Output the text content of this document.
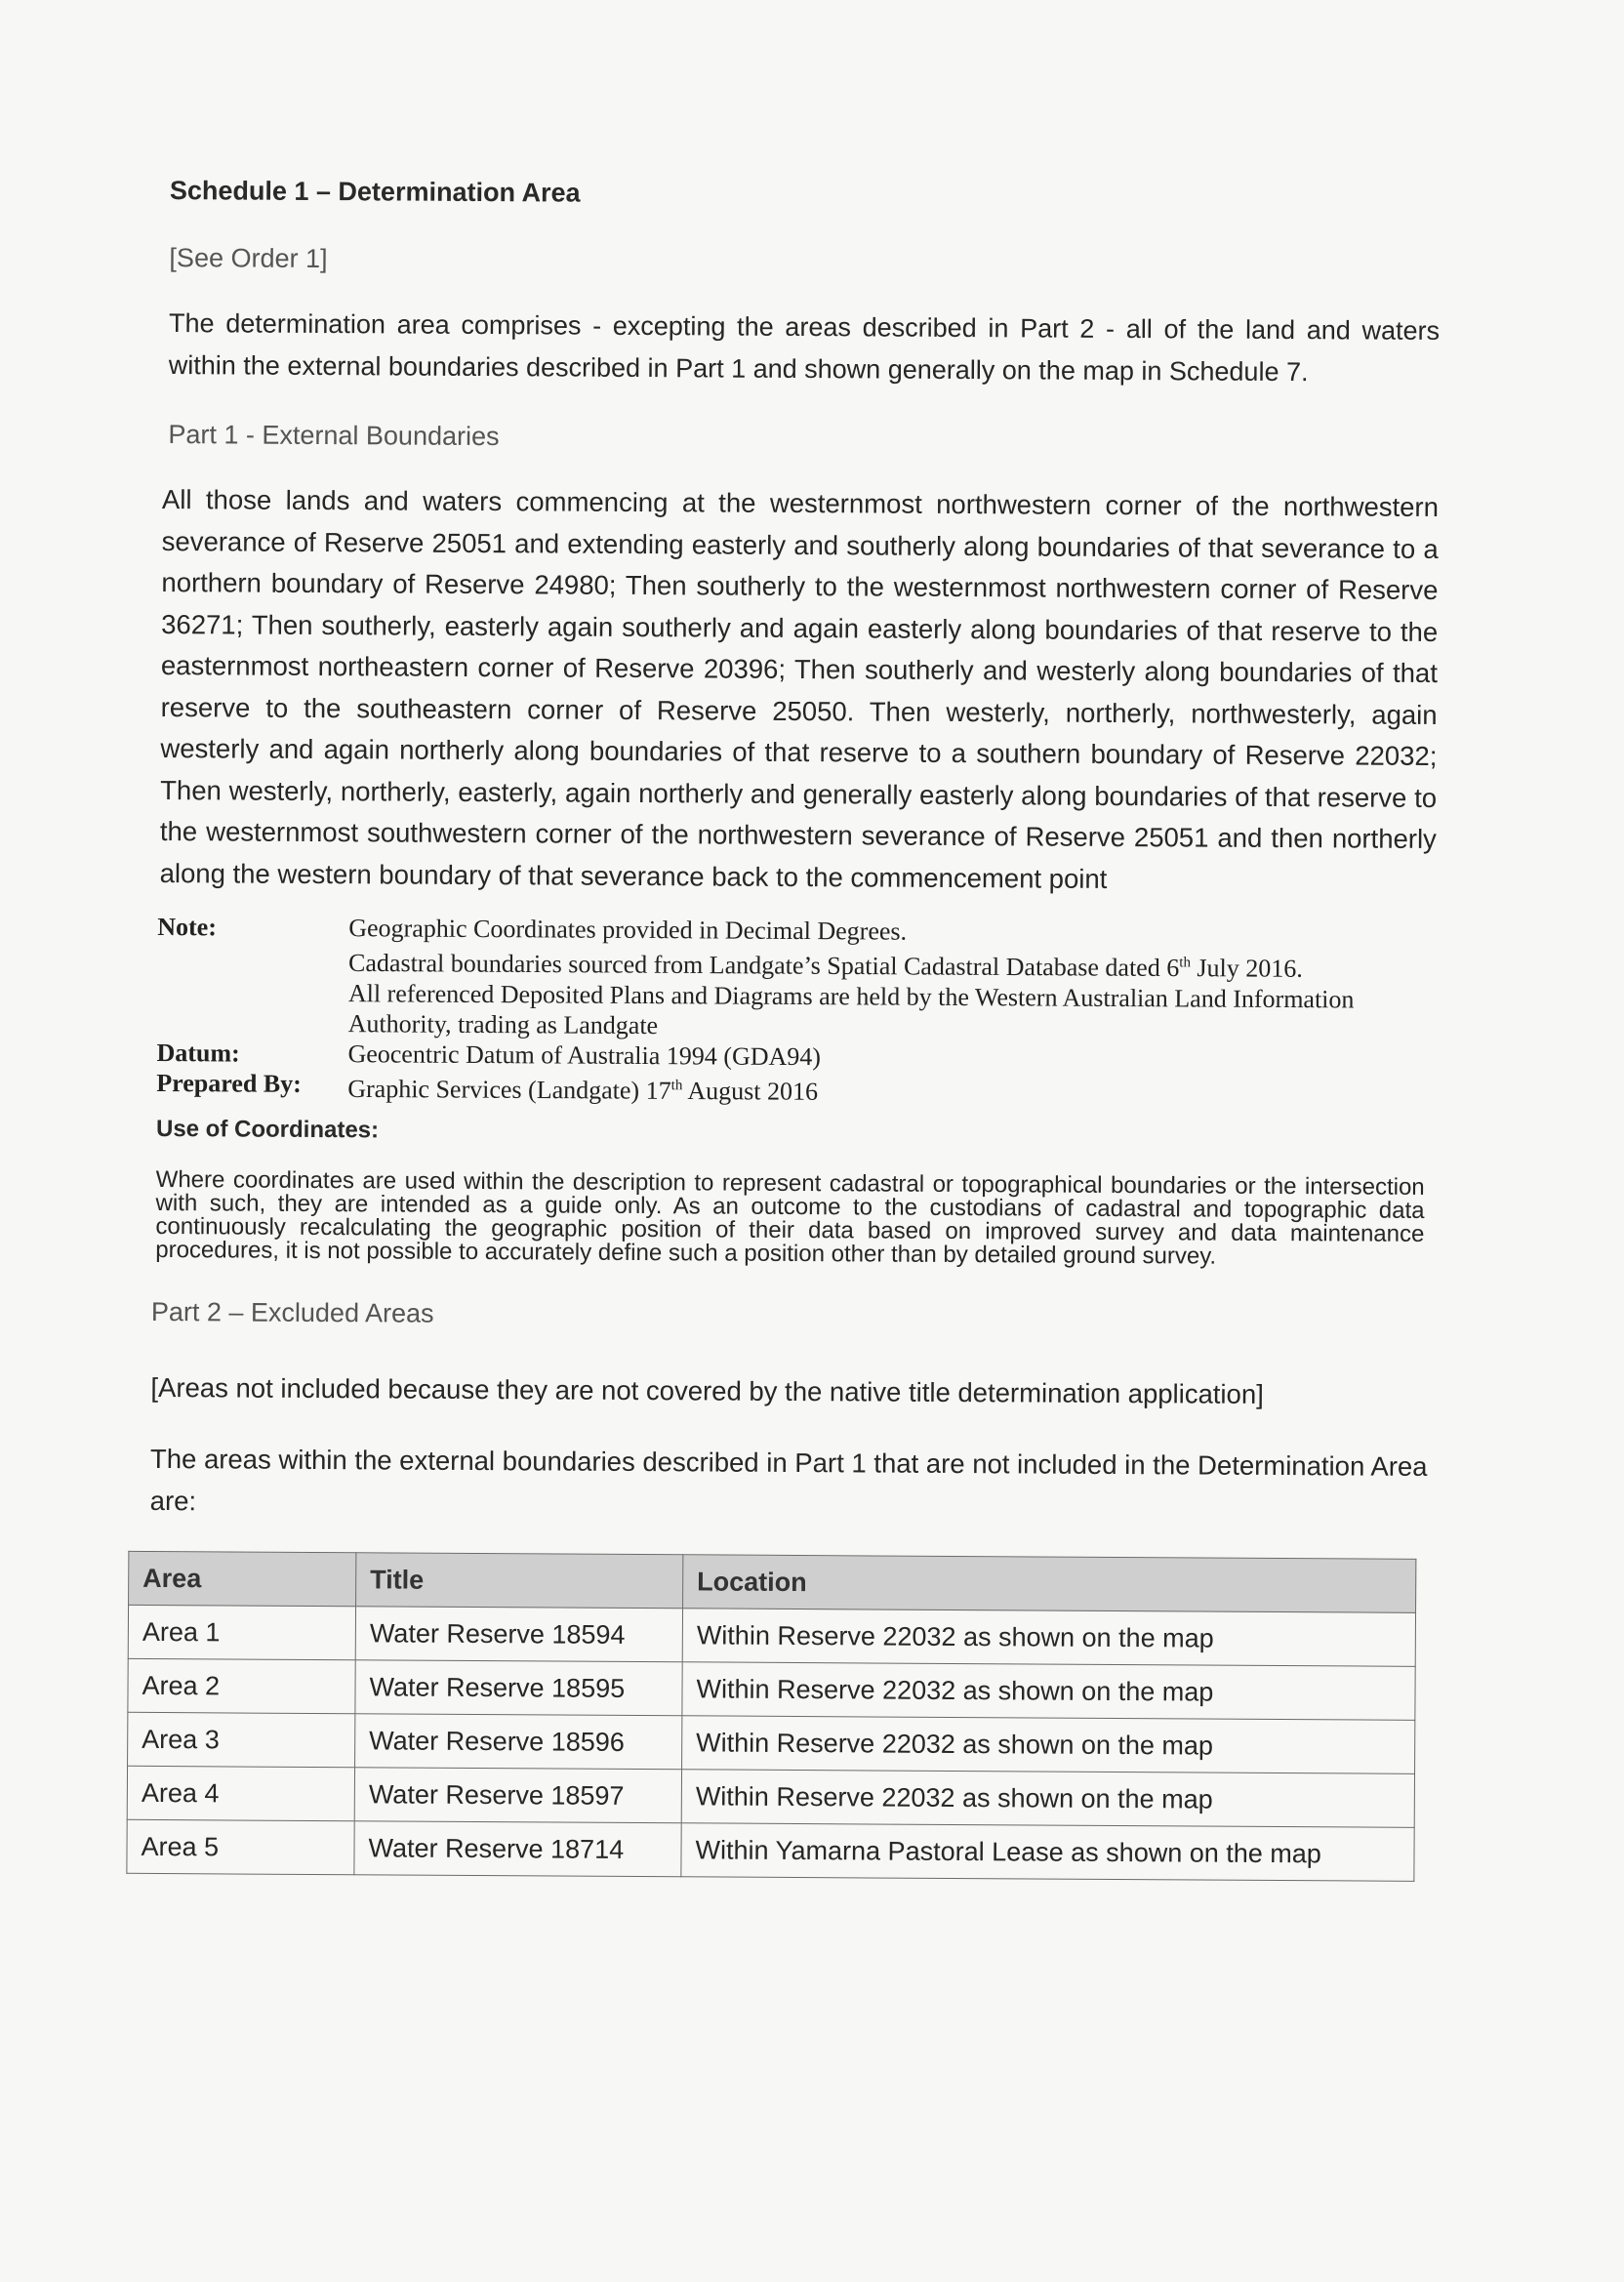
Schedule 1 – Determination Area
[See Order 1]
The determination area comprises - excepting the areas described in Part 2 - all of the land and waters within the external boundaries described in Part 1 and shown generally on the map in Schedule 7.
Part 1 - External Boundaries
All those lands and waters commencing at the westernmost northwestern corner of the northwestern severance of Reserve 25051 and extending easterly and southerly along boundaries of that severance to a northern boundary of Reserve 24980; Then southerly to the westernmost northwestern corner of Reserve 36271; Then southerly, easterly again southerly and again easterly along boundaries of that reserve to the easternmost northeastern corner of Reserve 20396; Then southerly and westerly along boundaries of that reserve to the southeastern corner of Reserve 25050. Then westerly, northerly, northwesterly, again westerly and again northerly along boundaries of that reserve to a southern boundary of Reserve 22032; Then westerly, northerly, easterly, again northerly and generally easterly along boundaries of that reserve to the westernmost southwestern corner of the northwestern severance of Reserve 25051 and then northerly along the western boundary of that severance back to the commencement point
Note:	Geographic Coordinates provided in Decimal Degrees.
Cadastral boundaries sourced from Landgate’s Spatial Cadastral Database dated 6th July 2016.
All referenced Deposited Plans and Diagrams are held by the Western Australian Land Information Authority, trading as Landgate
Datum:	Geocentric Datum of Australia 1994 (GDA94)
Prepared By:	Graphic Services (Landgate) 17th August 2016
Use of Coordinates:
Where coordinates are used within the description to represent cadastral or topographical boundaries or the intersection with such, they are intended as a guide only. As an outcome to the custodians of cadastral and topographic data continuously recalculating the geographic position of their data based on improved survey and data maintenance procedures, it is not possible to accurately define such a position other than by detailed ground survey.
Part 2 – Excluded Areas
[Areas not included because they are not covered by the native title determination application]
The areas within the external boundaries described in Part 1 that are not included in the Determination Area are:
Area	Title	Location
Area 1	Water Reserve 18594	Within Reserve 22032 as shown on the map
Area 2	Water Reserve 18595	Within Reserve 22032 as shown on the map
Area 3	Water Reserve 18596	Within Reserve 22032 as shown on the map
Area 4	Water Reserve 18597	Within Reserve 22032 as shown on the map
Area 5	Water Reserve 18714	Within Yamarna Pastoral Lease as shown on the map
